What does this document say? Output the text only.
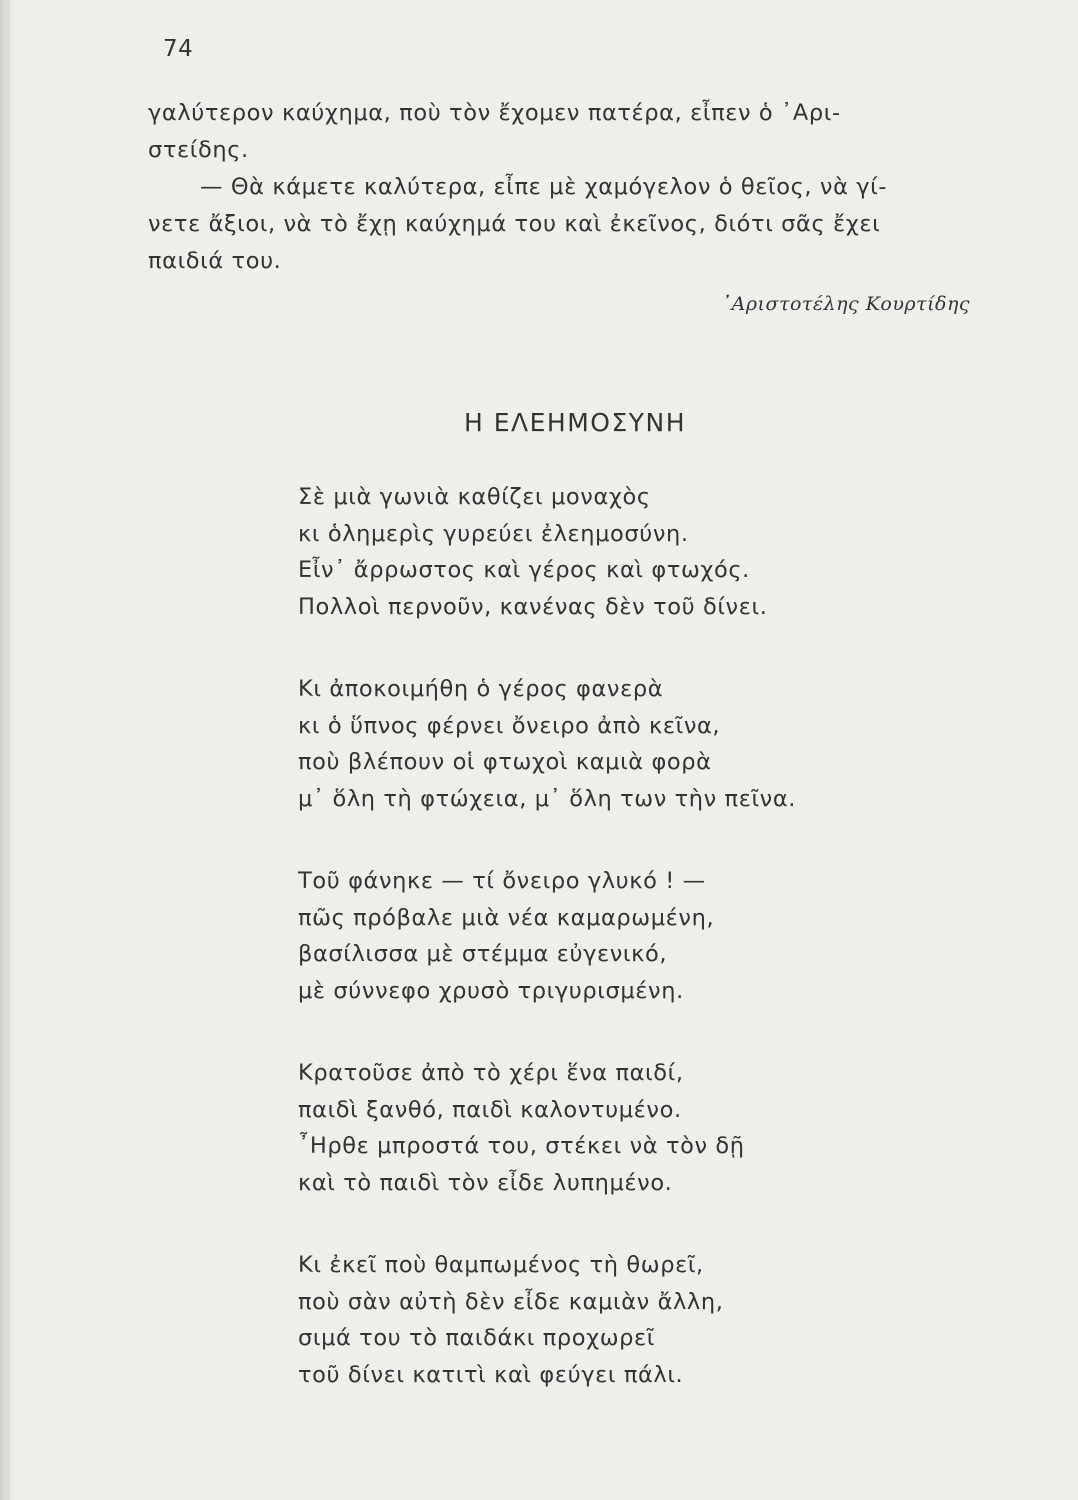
74

γαλύτερον καύχημα, ποὺ τὸν ἔχομεν πατέρα, εἶπεν ὁ ᾿Αρι-
στείδης.

— Θὰ κάμετε καλύτερα, εἶπε μὲ χαμόγελον ὁ θεῖος, νὰ γί-
νετε ἄξιοι, νὰ τὸ ἔχῃ καύχημά του καὶ ἐκεῖνος, διότι σᾶς ἔχει
παιδιά του.

᾿Αριστοτέλης Κουρτίδης
Η ΕΛΕΗΜΟΣΥΝΗ
Σὲ μιὰ γωνιὰ καθίζει μοναχὸς
κι ὁλημερὶς γυρεύει ἐλεημοσύνη.
Εἶν᾿ ἄρρωστος καὶ γέρος καὶ φτωχός.
Πολλοὶ περνοῦν, κανένας δὲν τοῦ δίνει.
Κι ἀποκοιμήθη ὁ γέρος φανερὰ
κι ὁ ὕπνος φέρνει ὄνειρο ἀπὸ κεῖνα,
ποὺ βλέπουν οἱ φτωχοὶ καμιὰ φορὰ
μ᾿ ὅλη τὴ φτώχεια, μ᾿ ὅλη των τὴν πεῖνα.
Τοῦ φάνηκε — τί ὄνειρο γλυκό ! —
πῶς πρόβαλε μιὰ νέα καμαρωμένη,
βασίλισσα μὲ στέμμα εὐγενικό,
μὲ σύννεφο χρυσὸ τριγυρισμένη.
Κρατοῦσε ἀπὸ τὸ χέρι ἕνα παιδί,
παιδὶ ξανθό, παιδὶ καλοντυμένο.
῏Ηρθε μπροστά του, στέκει νὰ τὸν δῇ
καὶ τὸ παιδὶ τὸν εἶδε λυπημένο.
Κι ἐκεῖ ποὺ θαμπωμένος τὴ θωρεῖ,
ποὺ σὰν αὐτὴ δὲν εἶδε καμιὰν ἄλλη,
σιμά του τὸ παιδάκι προχωρεῖ
τοῦ δίνει κατιτὶ καὶ φεύγει πάλι.
